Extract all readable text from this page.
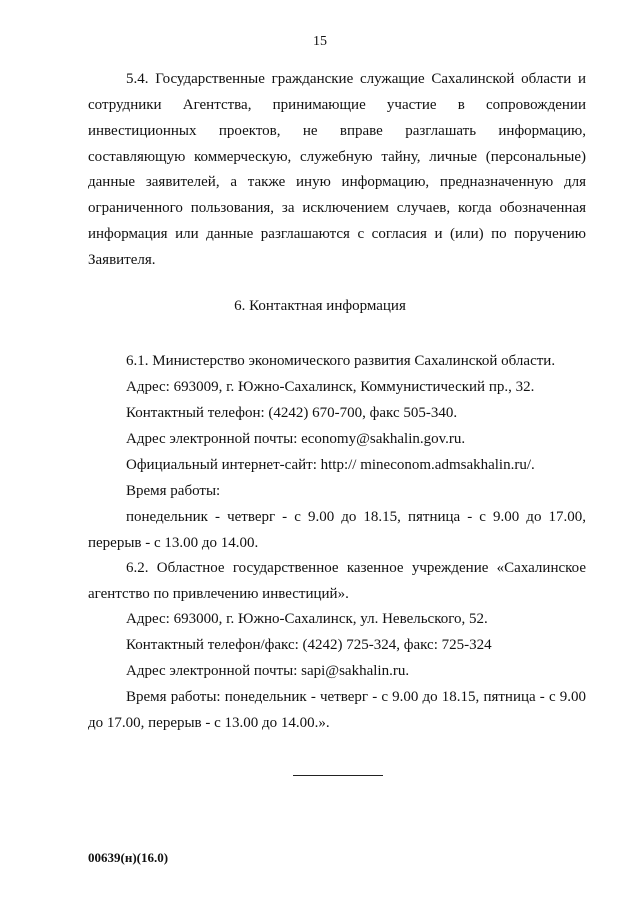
15
5.4. Государственные гражданские служащие Сахалинской области и
сотрудники Агентства, принимающие участие в сопровождении
инвестиционных проектов, не вправе разглашать информацию,
составляющую коммерческую, служебную тайну, личные (персональные)
данные заявителей, а также иную информацию, предназначенную для
ограниченного пользования, за исключением случаев, когда обозначенная
информация или данные разглашаются с согласия и (или) по поручению
Заявителя.
6. Контактная информация
6.1. Министерство экономического развития Сахалинской области.
Адрес: 693009, г. Южно-Сахалинск, Коммунистический пр., 32.
Контактный телефон: (4242) 670-700, факс 505-340.
Адрес электронной почты: economy@sakhalin.gov.ru.
Официальный интернет-сайт: http:// mineconom.admsakhalin.ru/.
Время работы:
понедельник - четверг - с 9.00 до 18.15, пятница - с 9.00 до 17.00,
перерыв - с 13.00 до 14.00.
6.2. Областное государственное казенное учреждение «Сахалинское
агентство по привлечению инвестиций».
Адрес: 693000, г. Южно-Сахалинск, ул. Невельского, 52.
Контактный телефон/факс: (4242) 725-324, факс: 725-324
Адрес электронной почты: sapi@sakhalin.ru.
Время работы: понедельник - четверг - с 9.00 до 18.15, пятница - с 9.00
до 17.00, перерыв - с 13.00 до 14.00.».
00639(н)(16.0)
